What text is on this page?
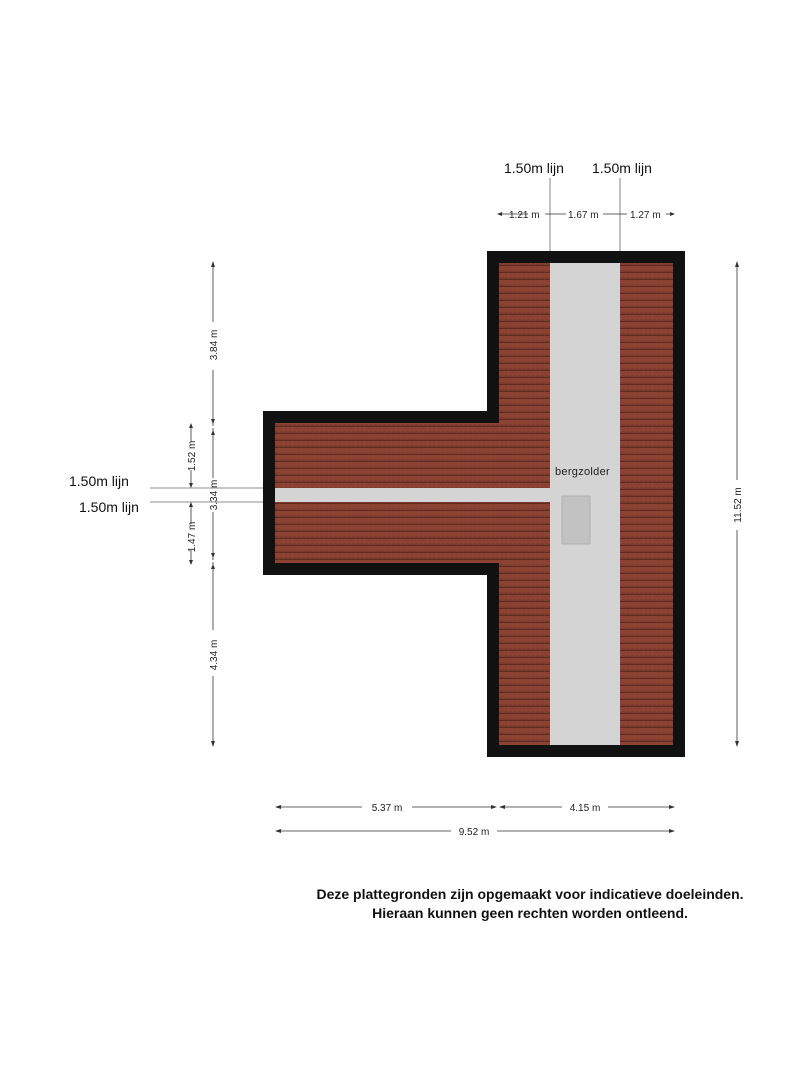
bergzolder
1.50m lijn 1.50m lijn
1.50m lijn
1.50m lijn
1.21 m	1.67 m	1.27 m
11.52 m
3.84 m
3.34 m
4.34 m
1.52 m
1.47 m
5.37 m	4.15 m
9.52 m
Deze plattegronden zijn opgemaakt voor indicatieve doeleinden.
Hieraan kunnen geen rechten worden ontleend.
